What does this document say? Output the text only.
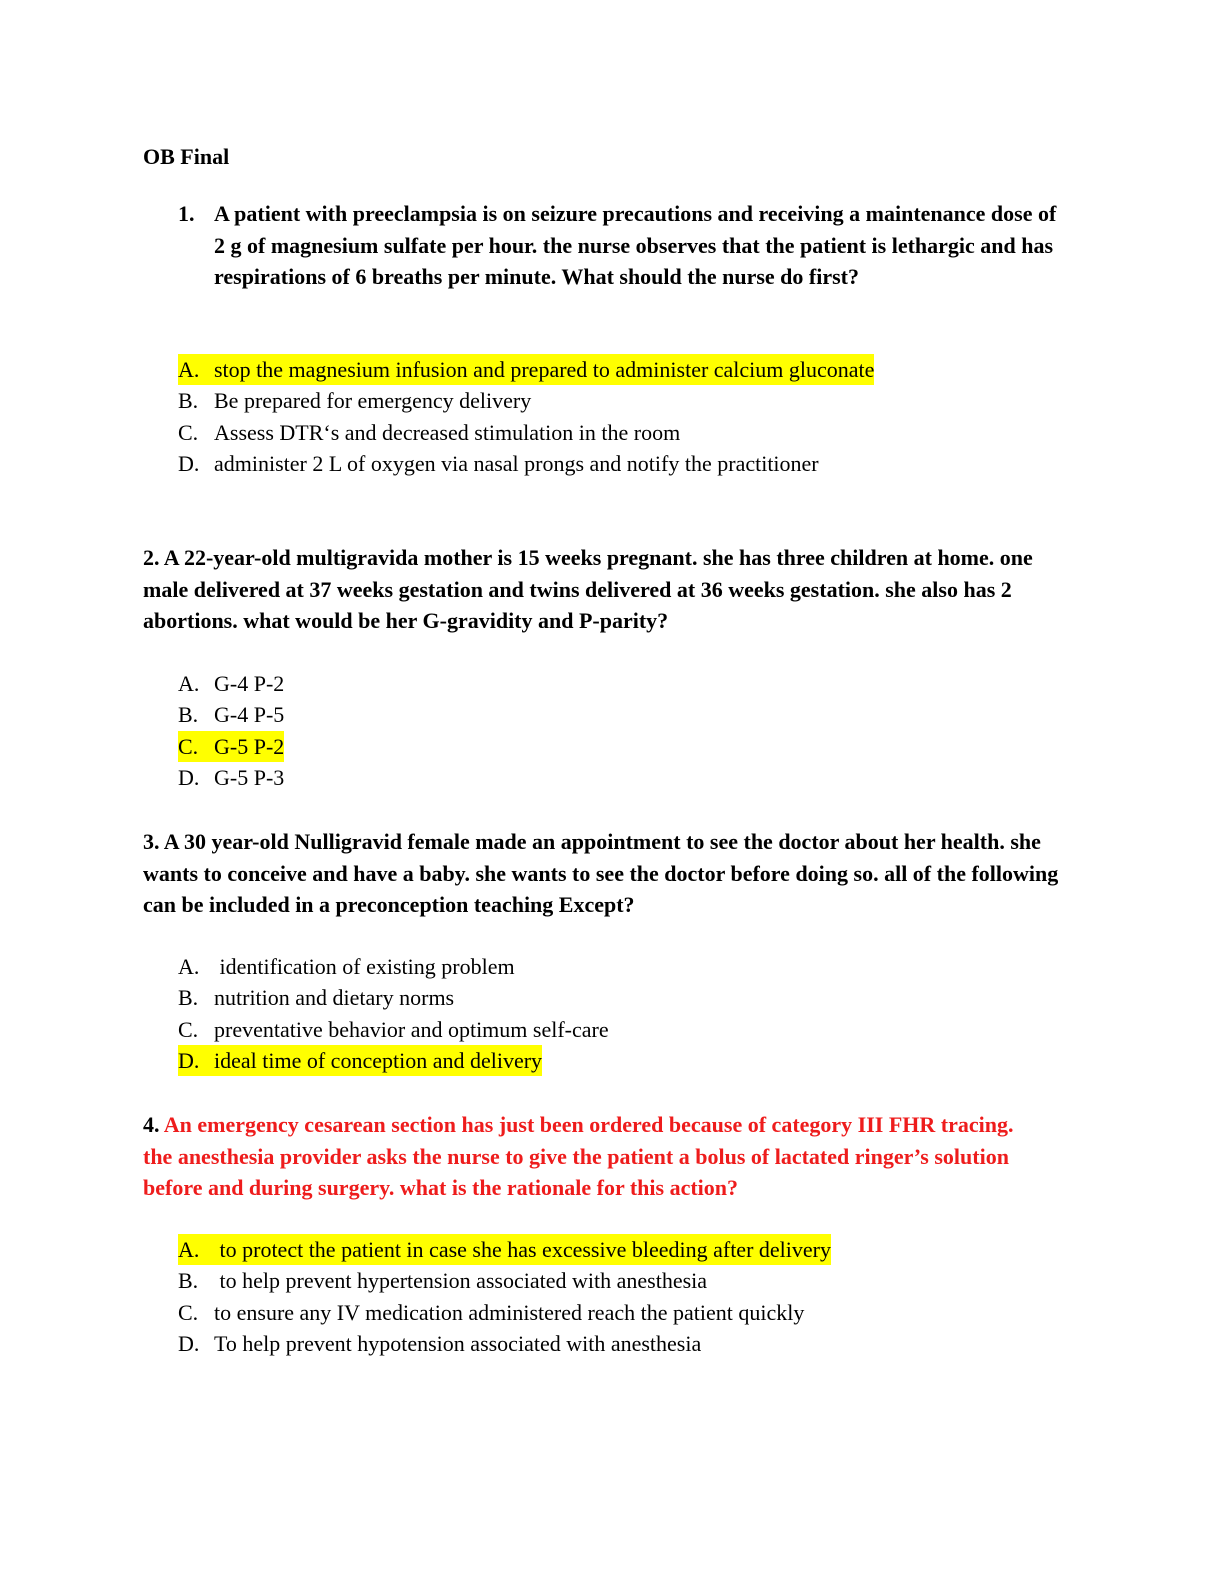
OB Final
1. A patient with preeclampsia is on seizure precautions and receiving a maintenance dose of 2 g of magnesium sulfate per hour. the nurse observes that the patient is lethargic and has respirations of 6 breaths per minute. What should the nurse do first?
A. stop the magnesium infusion and prepared to administer calcium gluconate
B. Be prepared for emergency delivery
C. Assess DTR‘s and decreased stimulation in the room
D. administer 2 L of oxygen via nasal prongs and notify the practitioner
2. A 22-year-old multigravida mother is 15 weeks pregnant. she has three children at home. one male delivered at 37 weeks gestation and twins delivered at 36 weeks gestation. she also has 2 abortions. what would be her G-gravidity and P-parity?
A. G-4 P-2
B. G-4 P-5
C. G-5 P-2
D. G-5 P-3
3. A 30 year-old Nulligravid female made an appointment to see the doctor about her health. she wants to conceive and have a baby. she wants to see the doctor before doing so. all of the following can be included in a preconception teaching Except?
A. identification of existing problem
B. nutrition and dietary norms
C. preventative behavior and optimum self-care
D. ideal time of conception and delivery
4. An emergency cesarean section has just been ordered because of category III FHR tracing. the anesthesia provider asks the nurse to give the patient a bolus of lactated ringer’s solution before and during surgery. what is the rationale for this action?
A. to protect the patient in case she has excessive bleeding after delivery
B. to help prevent hypertension associated with anesthesia
C. to ensure any IV medication administered reach the patient quickly
D. To help prevent hypotension associated with anesthesia
